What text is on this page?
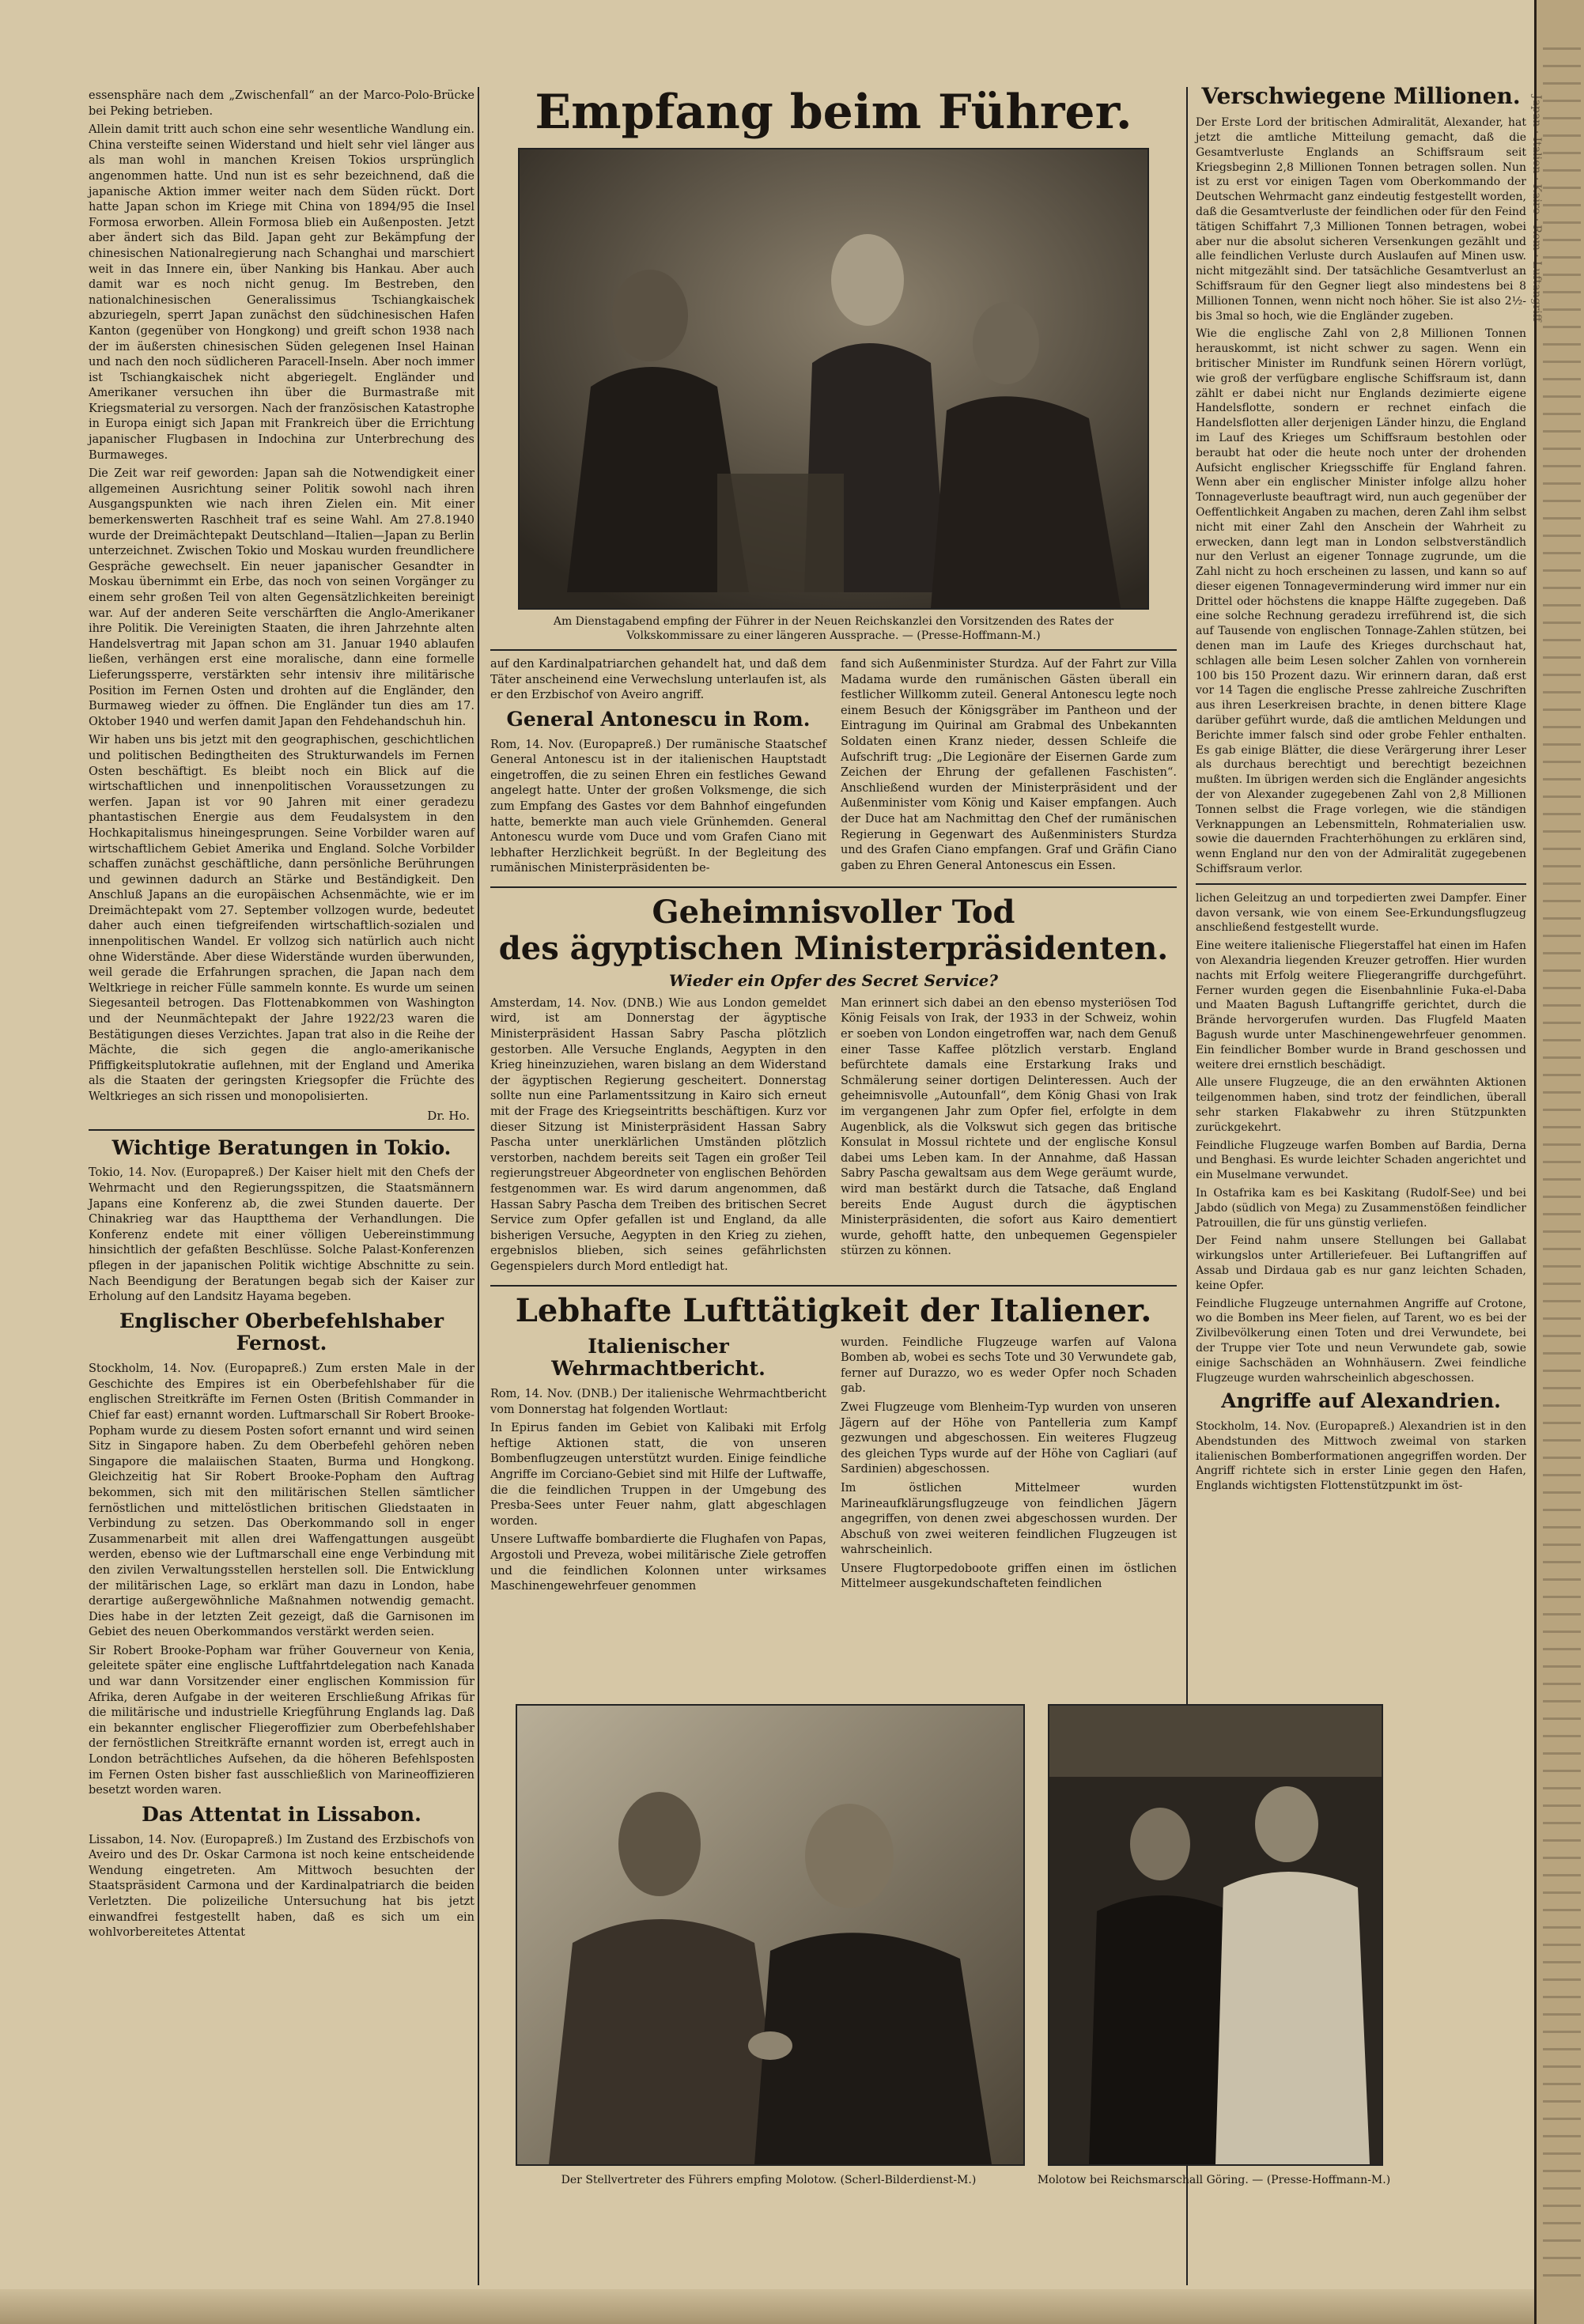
essensphäre nach dem „Zwischenfall“ an der Marco-Polo-Brücke bei Peking betrieben.

Allein damit tritt auch schon eine sehr wesentliche Wandlung ein. China versteifte seinen Widerstand und hielt sehr viel länger aus als man wohl in manchen Kreisen Tokios ursprünglich angenommen hatte. Und nun ist es sehr bezeichnend, daß die japanische Aktion immer weiter nach dem Süden rückt. Dort hatte Japan schon im Kriege mit China von 1894/95 die Insel Formosa erworben. Allein Formosa blieb ein Außenposten. Jetzt aber ändert sich das Bild. Japan geht zur Bekämpfung der chinesischen Nationalregierung nach Schanghai und marschiert weit in das Innere ein, über Nanking bis Hankau. Aber auch damit war es noch nicht genug. Im Bestreben, den nationalchinesischen Generalissimus Tschiangkaischek abzuriegeln, sperrt Japan zunächst den südchinesischen Hafen Kanton (gegenüber von Hongkong) und greift schon 1938 nach der im äußersten chinesischen Süden gelegenen Insel Hainan und nach den noch südlicheren Paracell-Inseln. Aber noch immer ist Tschiangkaischek nicht abgeriegelt. Engländer und Amerikaner versuchen ihn über die Burmastraße mit Kriegsmaterial zu versorgen. Nach der französischen Katastrophe in Europa einigt sich Japan mit Frankreich über die Errichtung japanischer Flugbasen in Indochina zur Unterbrechung des Burmaweges.

Die Zeit war reif geworden: Japan sah die Notwendigkeit einer allgemeinen Ausrichtung seiner Politik sowohl nach ihren Ausgangspunkten wie nach ihren Zielen ein. Mit einer bemerkenswerten Raschheit traf es seine Wahl. Am 27.8.1940 wurde der Dreimächtepakt Deutschland—Italien—Japan zu Berlin unterzeichnet. Zwischen Tokio und Moskau wurden freundlichere Gespräche gewechselt. Ein neuer japanischer Gesandter in Moskau übernimmt ein Erbe, das noch von seinen Vorgänger zu einem sehr großen Teil von alten Gegensätzlichkeiten bereinigt war. Auf der anderen Seite verschärften die Anglo-Amerikaner ihre Politik. Die Vereinigten Staaten, die ihren Jahrzehnte alten Handelsvertrag mit Japan schon am 31. Januar 1940 ablaufen ließen, verhängen erst eine moralische, dann eine formelle Lieferungssperre, verstärkten sehr intensiv ihre militärische Position im Fernen Osten und drohten auf die Engländer, den Burmaweg wieder zu öffnen. Die Engländer tun dies am 17. Oktober 1940 und werfen damit Japan den Fehdehandschuh hin.

Wir haben uns bis jetzt mit den geographischen, geschichtlichen und politischen Bedingtheiten des Strukturwandels im Fernen Osten beschäftigt. Es bleibt noch ein Blick auf die wirtschaftlichen und innenpolitischen Voraussetzungen zu werfen. Japan ist vor 90 Jahren mit einer geradezu phantastischen Energie aus dem Feudalsystem in den Hochkapitalismus hineingesprungen. Seine Vorbilder waren auf wirtschaftlichem Gebiet Amerika und England. Solche Vorbilder schaffen zunächst geschäftliche, dann persönliche Berührungen und gewinnen dadurch an Stärke und Beständigkeit. Den Anschluß Japans an die europäischen Achsenmächte, wie er im Dreimächtepakt vom 27. September vollzogen wurde, bedeutet daher auch einen tiefgreifenden wirtschaftlich-sozialen und innenpolitischen Wandel. Er vollzog sich natürlich auch nicht ohne Widerstände. Aber diese Widerstände wurden überwunden, weil gerade die Erfahrungen sprachen, die Japan nach dem Weltkriege in reicher Fülle sammeln konnte. Es wurde um seinen Siegesanteil betrogen. Das Flottenabkommen von Washington und der Neunmächtepakt der Jahre 1922/23 waren die Bestätigungen dieses Verzichtes. Japan trat also in die Reihe der Mächte, die sich gegen die anglo-amerikanische Pfiffigkeitsplutokratie auflehnen, mit der England und Amerika als die Staaten der geringsten Kriegsopfer die Früchte des Weltkrieges an sich rissen und monopolisierten.

Dr. Ho.
Wichtige Beratungen in Tokio.

Tokio, 14. Nov. (Europapreß.) Der Kaiser hielt mit den Chefs der Wehrmacht und den Regierungsspitzen, die Staatsmännern Japans eine Konferenz ab, die zwei Stunden dauerte. Der Chinakrieg war das Hauptthema der Verhandlungen. Die Konferenz endete mit einer völligen Uebereinstimmung hinsichtlich der gefaßten Beschlüsse. Solche Palast-Konferenzen pflegen in der japanischen Politik wichtige Abschnitte zu sein. Nach Beendigung der Beratungen begab sich der Kaiser zur Erholung auf den Landsitz Hayama begeben.

Englischer Oberbefehlshaber Fernost.

Stockholm, 14. Nov. (Europapreß.) Zum ersten Male in der Geschichte des Empires ist ein Oberbefehlshaber für die englischen Streitkräfte im Fernen Osten (British Commander in Chief far east) ernannt worden. Luftmarschall Sir Robert Brooke-Popham wurde zu diesem Posten sofort ernannt und wird seinen Sitz in Singapore haben. Zu dem Oberbefehl gehören neben Singapore die malaiischen Staaten, Burma und Hongkong. Gleichzeitig hat Sir Robert Brooke-Popham den Auftrag bekommen, sich mit den militärischen Stellen sämtlicher fernöstlichen und mittelöstlichen britischen Gliedstaaten in Verbindung zu setzen. Das Oberkommando soll in enger Zusammenarbeit mit allen drei Waffengattungen ausgeübt werden, ebenso wie der Luftmarschall eine enge Verbindung mit den zivilen Verwaltungsstellen herstellen soll. Die Entwicklung der militärischen Lage, so erklärt man dazu in London, habe derartige außergewöhnliche Maßnahmen notwendig gemacht. Dies habe in der letzten Zeit gezeigt, daß die Garnisonen im Gebiet des neuen Oberkommandos verstärkt werden seien.

Sir Robert Brooke-Popham war früher Gouverneur von Kenia, geleitete später eine englische Luftfahrtdelegation nach Kanada und war dann Vorsitzender einer englischen Kommission für Afrika, deren Aufgabe in der weiteren Erschließung Afrikas für die militärische und industrielle Kriegführung Englands lag. Daß ein bekannter englischer Fliegeroffizier zum Oberbefehlshaber der fernöstlichen Streitkräfte ernannt worden ist, erregt auch in London beträchtliches Aufsehen, da die höheren Befehlsposten im Fernen Osten bisher fast ausschließlich von Marineoffizieren besetzt worden waren.

Das Attentat in Lissabon.

Lissabon, 14. Nov. (Europapreß.) Im Zustand des Erzbischofs von Aveiro und des Dr. Oskar Carmona ist noch keine entscheidende Wendung eingetreten. Am Mittwoch besuchten der Staatspräsident Carmona und der Kardinalpatriarch die beiden Verletzten. Die polizeiliche Untersuchung hat bis jetzt einwandfrei festgestellt haben, daß es sich um ein wohlvorbereitetes Attentat

Empfang beim Führer.
Am Dienstagabend empfing der Führer in der Neuen Reichskanzlei den Vorsitzenden des Rates der Volkskommissare zu einer längeren Aussprache. — (Presse-Hoffmann-M.)

auf den Kardinalpatriarchen gehandelt hat, und daß dem Täter anscheinend eine Verwechslung unterlaufen ist, als er den Erzbischof von Aveiro angriff.

General Antonescu in Rom.

Rom, 14. Nov. (Europapreß.) Der rumänische Staatschef General Antonescu ist in der italienischen Hauptstadt eingetroffen, die zu seinen Ehren ein festliches Gewand angelegt hatte. Unter der großen Volksmenge, die sich zum Empfang des Gastes vor dem Bahnhof eingefunden hatte, bemerkte man auch viele Grünhemden. General Antonescu wurde vom Duce und vom Grafen Ciano mit lebhafter Herzlichkeit begrüßt. In der Begleitung des rumänischen Ministerpräsidenten be-

fand sich Außenminister Sturdza. Auf der Fahrt zur Villa Madama wurde den rumänischen Gästen überall ein festlicher Willkomm zuteil. General Antonescu legte noch einem Besuch der Königsgräber im Pantheon und der Eintragung im Quirinal am Grabmal des Unbekannten Soldaten einen Kranz nieder, dessen Schleife die Aufschrift trug: „Die Legionäre der Eisernen Garde zum Zeichen der Ehrung der gefallenen Faschisten“. Anschließend wurden der Ministerpräsident und der Außenminister vom König und Kaiser empfangen. Auch der Duce hat am Nachmittag den Chef der rumänischen Regierung in Gegenwart des Außenministers Sturdza und des Grafen Ciano empfangen. Graf und Gräfin Ciano gaben zu Ehren General Antonescus ein Essen.

Geheimnisvoller Tod
des ägyptischen Ministerpräsidenten.
Wieder ein Opfer des Secret Service?

Amsterdam, 14. Nov. (DNB.) Wie aus London gemeldet wird, ist am Donnerstag der ägyptische Ministerpräsident Hassan Sabry Pascha plötzlich gestorben. Alle Versuche Englands, Aegypten in den Krieg hineinzuziehen, waren bislang an dem Widerstand der ägyptischen Regierung gescheitert. Donnerstag sollte nun eine Parlamentssitzung in Kairo sich erneut mit der Frage des Kriegseintritts beschäftigen. Kurz vor dieser Sitzung ist Ministerpräsident Hassan Sabry Pascha unter unerklärlichen Umständen plötzlich verstorben, nachdem bereits seit Tagen ein großer Teil regierungstreuer Abgeordneter von englischen Behörden festgenommen war. Es wird darum angenommen, daß Hassan Sabry Pascha dem Treiben des britischen Secret Service zum Opfer gefallen ist und England, da alle bisherigen Versuche, Aegypten in den Krieg zu ziehen, ergebnislos blieben, sich seines gefährlichsten Gegenspielers durch Mord entledigt hat.

Man erinnert sich dabei an den ebenso mysteriösen Tod König Feisals von Irak, der 1933 in der Schweiz, wohin er soeben von London eingetroffen war, nach dem Genuß einer Tasse Kaffee plötzlich verstarb. England befürchtete damals eine Erstarkung Iraks und Schmälerung seiner dortigen Delinteressen. Auch der geheimnisvolle „Autounfall“, dem König Ghasi von Irak im vergangenen Jahr zum Opfer fiel, erfolgte in dem Augenblick, als die Volkswut sich gegen das britische Konsulat in Mossul richtete und der englische Konsul dabei ums Leben kam. In der Annahme, daß Hassan Sabry Pascha gewaltsam aus dem Wege geräumt wurde, wird man bestärkt durch die Tatsache, daß England bereits Ende August durch die ägyptischen Ministerpräsidenten, die sofort aus Kairo dementiert wurde, gehofft hatte, den unbequemen Gegenspieler stürzen zu können.

Lebhafte Lufttätigkeit der Italiener.
Italienischer Wehrmachtbericht.

Rom, 14. Nov. (DNB.) Der italienische Wehrmachtbericht vom Donnerstag hat folgenden Wortlaut:

In Epirus fanden im Gebiet von Kalibaki mit Erfolg heftige Aktionen statt, die von unseren Bombenflugzeugen unterstützt wurden. Einige feindliche Angriffe im Corciano-Gebiet sind mit Hilfe der Luftwaffe, die die feindlichen Truppen in der Umgebung des Presba-Sees unter Feuer nahm, glatt abgeschlagen worden.

Unsere Luftwaffe bombardierte die Flughafen von Papas, Argostoli und Preveza, wobei militärische Ziele getroffen und die feindlichen Kolonnen unter wirksames Maschinengewehrfeuer genommen

wurden. Feindliche Flugzeuge warfen auf Valona Bomben ab, wobei es sechs Tote und 30 Verwundete gab, ferner auf Durazzo, wo es weder Opfer noch Schaden gab.

Zwei Flugzeuge vom Blenheim-Typ wurden von unseren Jägern auf der Höhe von Pantelleria zum Kampf gezwungen und abgeschossen. Ein weiteres Flugzeug des gleichen Typs wurde auf der Höhe von Cagliari (auf Sardinien) abgeschossen.

Im östlichen Mittelmeer wurden Marineaufklärungsflugzeuge von feindlichen Jägern angegriffen, von denen zwei abgeschossen wurden. Der Abschuß von zwei weiteren feindlichen Flugzeugen ist wahrscheinlich.

Unsere Flugtorpedoboote griffen einen im östlichen Mittelmeer ausgekundschafteten feindlichen

Der Stellvertreter des Führers empfing Molotow. (Scherl-Bilderdienst-M.)	Molotow bei Reichsmarschall Göring. — (Presse-Hoffmann-M.)
Verschwiegene Millionen.

Der Erste Lord der britischen Admiralität, Alexander, hat jetzt die amtliche Mitteilung gemacht, daß die Gesamtverluste Englands an Schiffsraum seit Kriegsbeginn 2,8 Millionen Tonnen betragen sollen. Nun ist zu erst vor einigen Tagen vom Oberkommando der Deutschen Wehrmacht ganz eindeutig festgestellt worden, daß die Gesamtverluste der feindlichen oder für den Feind tätigen Schiffahrt 7,3 Millionen Tonnen betragen, wobei aber nur die absolut sicheren Versenkungen gezählt und alle feindlichen Verluste durch Auslaufen auf Minen usw. nicht mitgezählt sind. Der tatsächliche Gesamtverlust an Schiffsraum für den Gegner liegt also mindestens bei 8 Millionen Tonnen, wenn nicht noch höher. Sie ist also 2½- bis 3mal so hoch, wie die Engländer zugeben.

Wie die englische Zahl von 2,8 Millionen Tonnen herauskommt, ist nicht schwer zu sagen. Wenn ein britischer Minister im Rundfunk seinen Hörern vorlügt, wie groß der verfügbare englische Schiffsraum ist, dann zählt er dabei nicht nur Englands dezimierte eigene Handelsflotte, sondern er rechnet einfach die Handelsflotten aller derjenigen Länder hinzu, die England im Lauf des Krieges um Schiffsraum bestohlen oder beraubt hat oder die heute noch unter der drohenden Aufsicht englischer Kriegsschiffe für England fahren. Wenn aber ein englischer Minister infolge allzu hoher Tonnageverluste beauftragt wird, nun auch gegenüber der Oeffentlichkeit Angaben zu machen, deren Zahl ihm selbst nicht mit einer Zahl den Anschein der Wahrheit zu erwecken, dann legt man in London selbstverständlich nur den Verlust an eigener Tonnage zugrunde, um die Zahl nicht zu hoch erscheinen zu lassen, und kann so auf dieser eigenen Tonnageverminderung wird immer nur ein Drittel oder höchstens die knappe Hälfte zugegeben. Daß eine solche Rechnung geradezu irreführend ist, die sich auf Tausende von englischen Tonnage-Zahlen stützen, bei denen man im Laufe des Krieges durchschaut hat, schlagen alle beim Lesen solcher Zahlen von vornherein 100 bis 150 Prozent dazu. Wir erinnern daran, daß erst vor 14 Tagen die englische Presse zahlreiche Zuschriften aus ihren Leserkreisen brachte, in denen bittere Klage darüber geführt wurde, daß die amtlichen Meldungen und Berichte immer falsch sind oder grobe Fehler enthalten. Es gab einige Blätter, die diese Verärgerung ihrer Leser als durchaus berechtigt und berechtigt bezeichnen mußten. Im übrigen werden sich die Engländer angesichts der von Alexander zugegebenen Zahl von 2,8 Millionen Tonnen selbst die Frage vorlegen, wie die ständigen Verknappungen an Lebensmitteln, Rohmaterialien usw. sowie die dauernden Frachterhöhungen zu erklären sind, wenn England nur den von der Admiralität zugegebenen Schiffsraum verlor.

lichen Geleitzug an und torpedierten zwei Dampfer. Einer davon versank, wie von einem See-Erkundungsflugzeug anschließend festgestellt wurde.

Eine weitere italienische Fliegerstaffel hat einen im Hafen von Alexandria liegenden Kreuzer getroffen. Hier wurden nachts mit Erfolg weitere Fliegerangriffe durchgeführt. Ferner wurden gegen die Eisenbahnlinie Fuka-el-Daba und Maaten Bagush Luftangriffe gerichtet, durch die Brände hervorgerufen wurden. Das Flugfeld Maaten Bagush wurde unter Maschinengewehrfeuer genommen. Ein feindlicher Bomber wurde in Brand geschossen und weitere drei ernstlich beschädigt.

Alle unsere Flugzeuge, die an den erwähnten Aktionen teilgenommen haben, sind trotz der feindlichen, überall sehr starken Flakabwehr zu ihren Stützpunkten zurückgekehrt.

Feindliche Flugzeuge warfen Bomben auf Bardia, Derna und Benghasi. Es wurde leichter Schaden angerichtet und ein Muselmane verwundet.

In Ostafrika kam es bei Kaskitang (Rudolf-See) und bei Jabdo (südlich von Mega) zu Zusammenstößen feindlicher Patrouillen, die für uns günstig verliefen.

Der Feind nahm unsere Stellungen bei Gallabat wirkungslos unter Artilleriefeuer. Bei Luftangriffen auf Assab und Dirdaua gab es nur ganz leichten Schaden, keine Opfer.

Feindliche Flugzeuge unternahmen Angriffe auf Crotone, wo die Bomben ins Meer fielen, auf Tarent, wo es bei der Zivilbevölkerung einen Toten und drei Verwundete, bei der Truppe vier Tote und neun Verwundete gab, sowie einige Sachschäden an Wohnhäusern. Zwei feindliche Flugzeuge wurden wahrscheinlich abgeschossen.

Angriffe auf Alexandrien.

Stockholm, 14. Nov. (Europapreß.) Alexandrien ist in den Abendstunden des Mittwoch zweimal von starken italienischen Bomberformationen angegriffen worden. Der Angriff richtete sich in erster Linie gegen den Hafen, Englands wichtigsten Flottenstützpunkt im öst-

Japan · Italien · Kairo · Rom · Luftangriff
